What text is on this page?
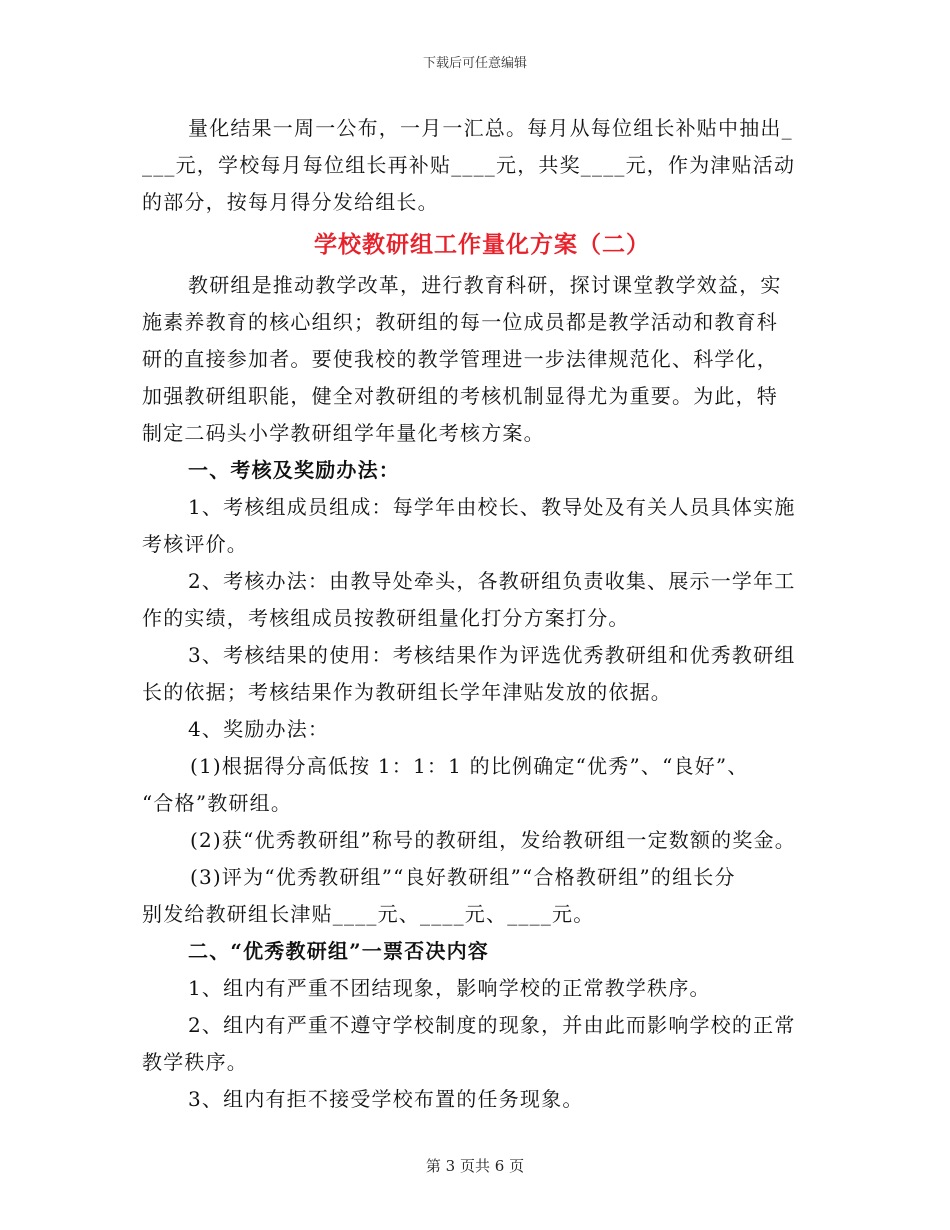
下载后可任意编辑
量化结果一周一公布，一月一汇总。每月从每位组长补贴中抽出_
___元，学校每月每位组长再补贴____元，共奖____元，作为津贴活动
的部分，按每月得分发给组长。
学校教研组工作量化方案（二）
教研组是推动教学改革，进行教育科研，探讨课堂教学效益，实
施素养教育的核心组织；教研组的每一位成员都是教学活动和教育科
研的直接参加者。要使我校的教学管理进一步法律规范化、科学化，
加强教研组职能，健全对教研组的考核机制显得尤为重要。为此，特
制定二码头小学教研组学年量化考核方案。
一、考核及奖励办法：
1、考核组成员组成：每学年由校长、教导处及有关人员具体实施
考核评价。
2、考核办法：由教导处牵头，各教研组负责收集、展示一学年工
作的实绩，考核组成员按教研组量化打分方案打分。
3、考核结果的使用：考核结果作为评选优秀教研组和优秀教研组
长的依据；考核结果作为教研组长学年津贴发放的依据。
4、奖励办法：
(1)根据得分高低按 1：1：1 的比例确定“优秀”、“良好”、
“合格”教研组。
(2)获“优秀教研组”称号的教研组，发给教研组一定数额的奖金。
(3)评为“优秀教研组”“良好教研组”“合格教研组”的组长分
别发给教研组长津贴____元、____元、____元。
二、“优秀教研组”一票否决内容
1、组内有严重不团结现象，影响学校的正常教学秩序。
2、组内有严重不遵守学校制度的现象，并由此而影响学校的正常
教学秩序。
3、组内有拒不接受学校布置的任务现象。
第 3 页共 6 页
